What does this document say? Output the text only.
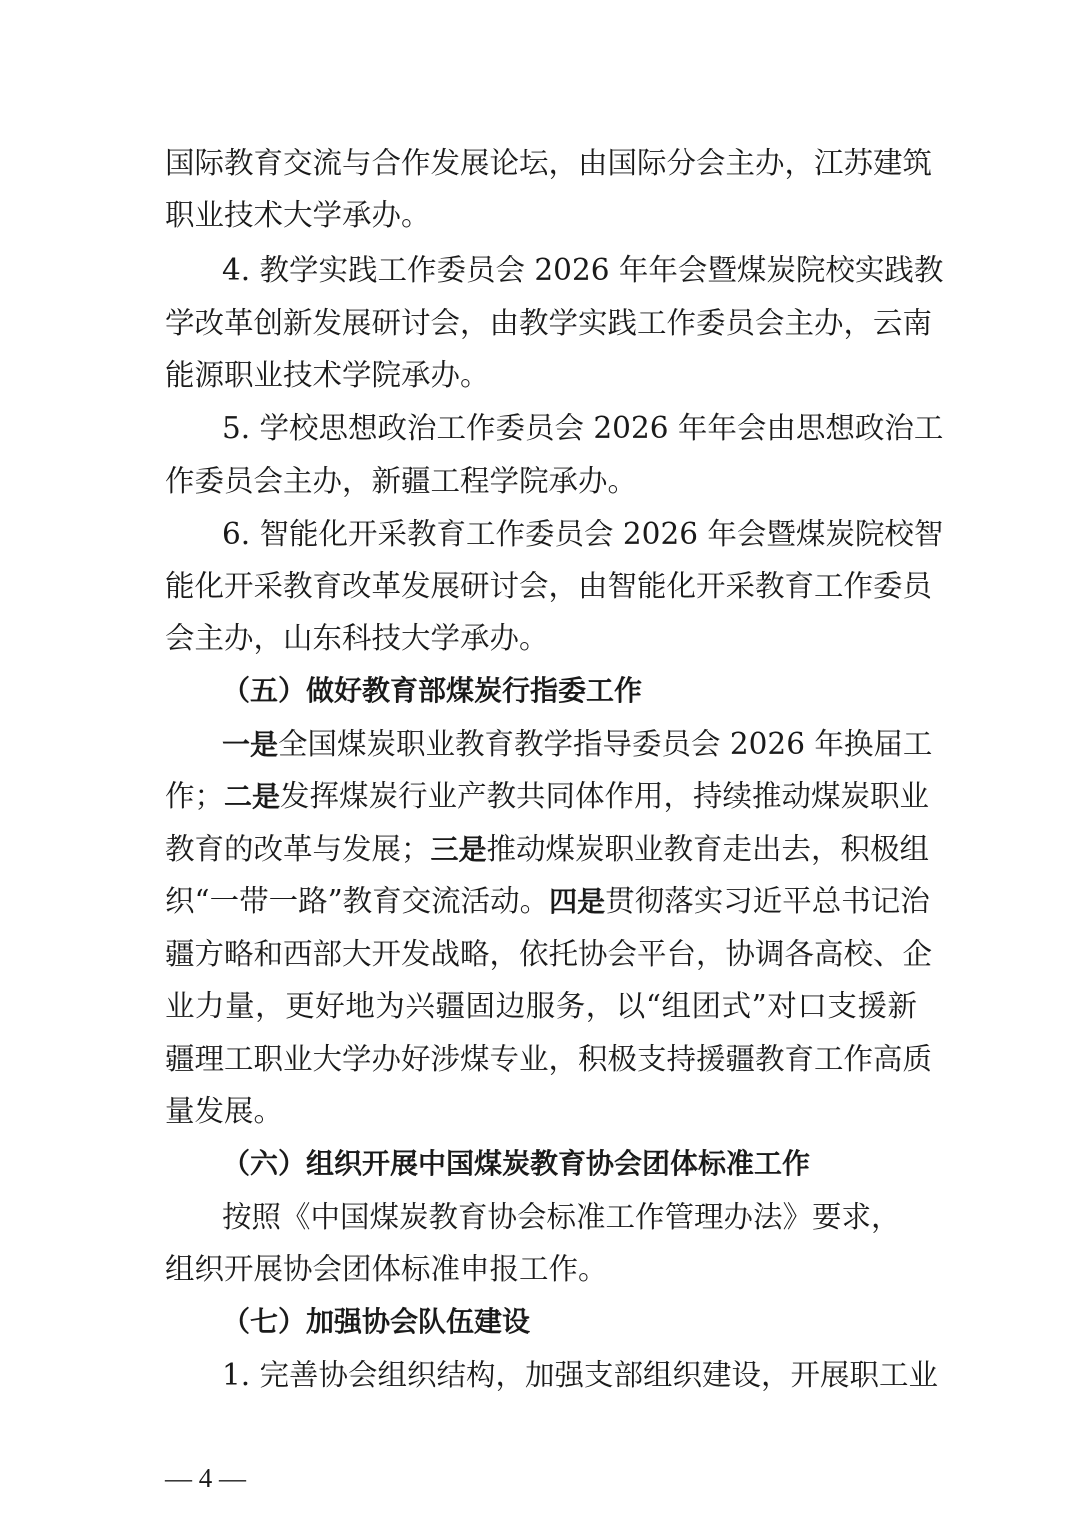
国际教育交流与合作发展论坛，由国际分会主办，江苏建筑
职业技术大学承办。
4. 教学实践工作委员会 2026 年年会暨煤炭院校实践教
学改革创新发展研讨会，由教学实践工作委员会主办，云南
能源职业技术学院承办。
5. 学校思想政治工作委员会 2026 年年会由思想政治工
作委员会主办，新疆工程学院承办。
6. 智能化开采教育工作委员会 2026 年会暨煤炭院校智
能化开采教育改革发展研讨会，由智能化开采教育工作委员
会主办，山东科技大学承办。
（五）做好教育部煤炭行指委工作
一是全国煤炭职业教育教学指导委员会 2026 年换届工
作；二是发挥煤炭行业产教共同体作用，持续推动煤炭职业
教育的改革与发展；三是推动煤炭职业教育走出去，积极组
织“一带一路”教育交流活动。四是贯彻落实习近平总书记治
疆方略和西部大开发战略，依托协会平台，协调各高校、企
业力量，更好地为兴疆固边服务，以“组团式”对口支援新
疆理工职业大学办好涉煤专业，积极支持援疆教育工作高质
量发展。
（六）组织开展中国煤炭教育协会团体标准工作
按照《中国煤炭教育协会标准工作管理办法》要求，
组织开展协会团体标准申报工作。
（七）加强协会队伍建设
1. 完善协会组织结构，加强支部组织建设，开展职工业
— 4 —
